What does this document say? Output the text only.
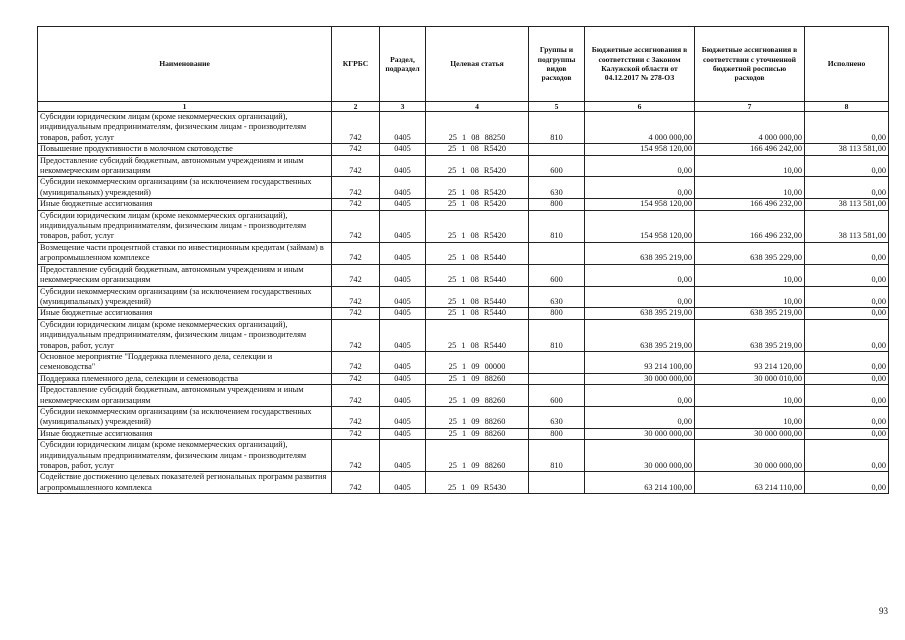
Наименование	КГРБС	Раздел, подраздел	Целевая статья	Группы и подгруппы видов расходов	Бюджетные ассигнования в соответствии с Законом Калужской области от 04.12.2017 № 278-ОЗ	Бюджетные ассигнования в соответствии с уточненной бюджетной росписью расходов	Исполнено
1	2	3	4	5	6	7	8
Субсидии юридическим лицам (кроме некоммерческих организаций), индивидуальным предпринимателям, физическим лицам - производителям товаров, работ, услуг	742	0405	25 1 08 88250	810	4 000 000,00	4 000 000,00	0,00
Повышение продуктивности в молочном скотоводстве	742	0405	25 1 08 R5420		154 958 120,00	166 496 242,00	38 113 581,00
Предоставление субсидий бюджетным, автономным учреждениям и иным некоммерческим организациям	742	0405	25 1 08 R5420	600	0,00	10,00	0,00
Субсидии некоммерческим организациям (за исключением государственных (муниципальных) учреждений)	742	0405	25 1 08 R5420	630	0,00	10,00	0,00
Иные бюджетные ассигнования	742	0405	25 1 08 R5420	800	154 958 120,00	166 496 232,00	38 113 581,00
Субсидии юридическим лицам (кроме некоммерческих организаций), индивидуальным предпринимателям, физическим лицам - производителям товаров, работ, услуг	742	0405	25 1 08 R5420	810	154 958 120,00	166 496 232,00	38 113 581,00
Возмещение части процентной ставки по инвестиционным кредитам (займам) в агропромышленном комплексе	742	0405	25 1 08 R5440		638 395 219,00	638 395 229,00	0,00
Предоставление субсидий бюджетным, автономным учреждениям и иным некоммерческим организациям	742	0405	25 1 08 R5440	600	0,00	10,00	0,00
Субсидии некоммерческим организациям (за исключением государственных (муниципальных) учреждений)	742	0405	25 1 08 R5440	630	0,00	10,00	0,00
Иные бюджетные ассигнования	742	0405	25 1 08 R5440	800	638 395 219,00	638 395 219,00	0,00
Субсидии юридическим лицам (кроме некоммерческих организаций), индивидуальным предпринимателям, физическим лицам - производителям товаров, работ, услуг	742	0405	25 1 08 R5440	810	638 395 219,00	638 395 219,00	0,00
Основное мероприятие "Поддержка племенного дела, селекции и семеноводства"	742	0405	25 1 09 00000		93 214 100,00	93 214 120,00	0,00
Поддержка племенного дела, селекции и семеноводства	742	0405	25 1 09 88260		30 000 000,00	30 000 010,00	0,00
Предоставление субсидий бюджетным, автономным учреждениям и иным некоммерческим организациям	742	0405	25 1 09 88260	600	0,00	10,00	0,00
Субсидии некоммерческим организациям (за исключением государственных (муниципальных) учреждений)	742	0405	25 1 09 88260	630	0,00	10,00	0,00
Иные бюджетные ассигнования	742	0405	25 1 09 88260	800	30 000 000,00	30 000 000,00	0,00
Субсидии юридическим лицам (кроме некоммерческих организаций), индивидуальным предпринимателям, физическим лицам - производителям товаров, работ, услуг	742	0405	25 1 09 88260	810	30 000 000,00	30 000 000,00	0,00
Содействие достижению целевых показателей региональных программ развития агропромышленного комплекса	742	0405	25 1 09 R5430		63 214 100,00	63 214 110,00	0,00
93
